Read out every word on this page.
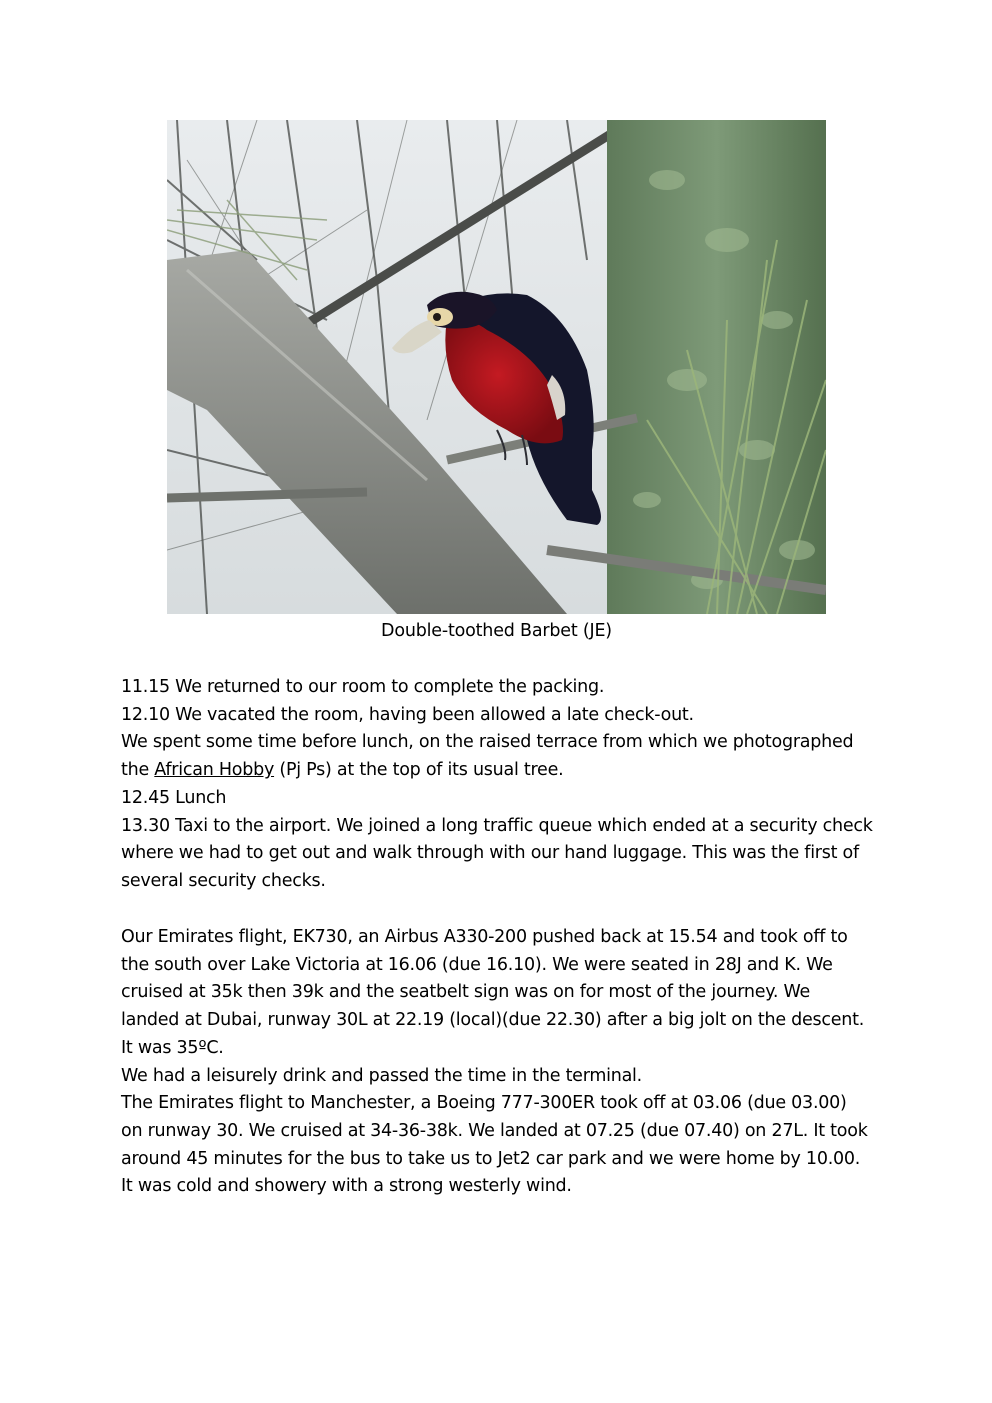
Double-toothed Barbet (JE)

11.15 We returned to our room to complete the packing.

12.10 We vacated the room, having been allowed a late check-out.

We spent some time before lunch, on the raised terrace from which we photographed the African Hobby (Pj Ps) at the top of its usual tree.

12.45 Lunch

13.30 Taxi to the airport. We joined a long traffic queue which ended at a security check where we had to get out and walk through with our hand luggage. This was the first of several security checks.

Our Emirates flight, EK730, an Airbus A330-200 pushed back at 15.54 and took off to the south over Lake Victoria at 16.06 (due 16.10). We were seated in 28J and K. We cruised at 35k then 39k and the seatbelt sign was on for most of the journey. We landed at Dubai, runway 30L at 22.19 (local)(due 22.30) after a big jolt on the descent. It was 35ºC.

We had a leisurely drink and passed the time in the terminal.

The Emirates flight to Manchester, a Boeing 777-300ER took off at 03.06 (due 03.00) on runway 30. We cruised at 34-36-38k. We landed at 07.25 (due 07.40) on 27L. It took around 45 minutes for the bus to take us to Jet2 car park and we were home by 10.00. It was cold and showery with a strong westerly wind.
